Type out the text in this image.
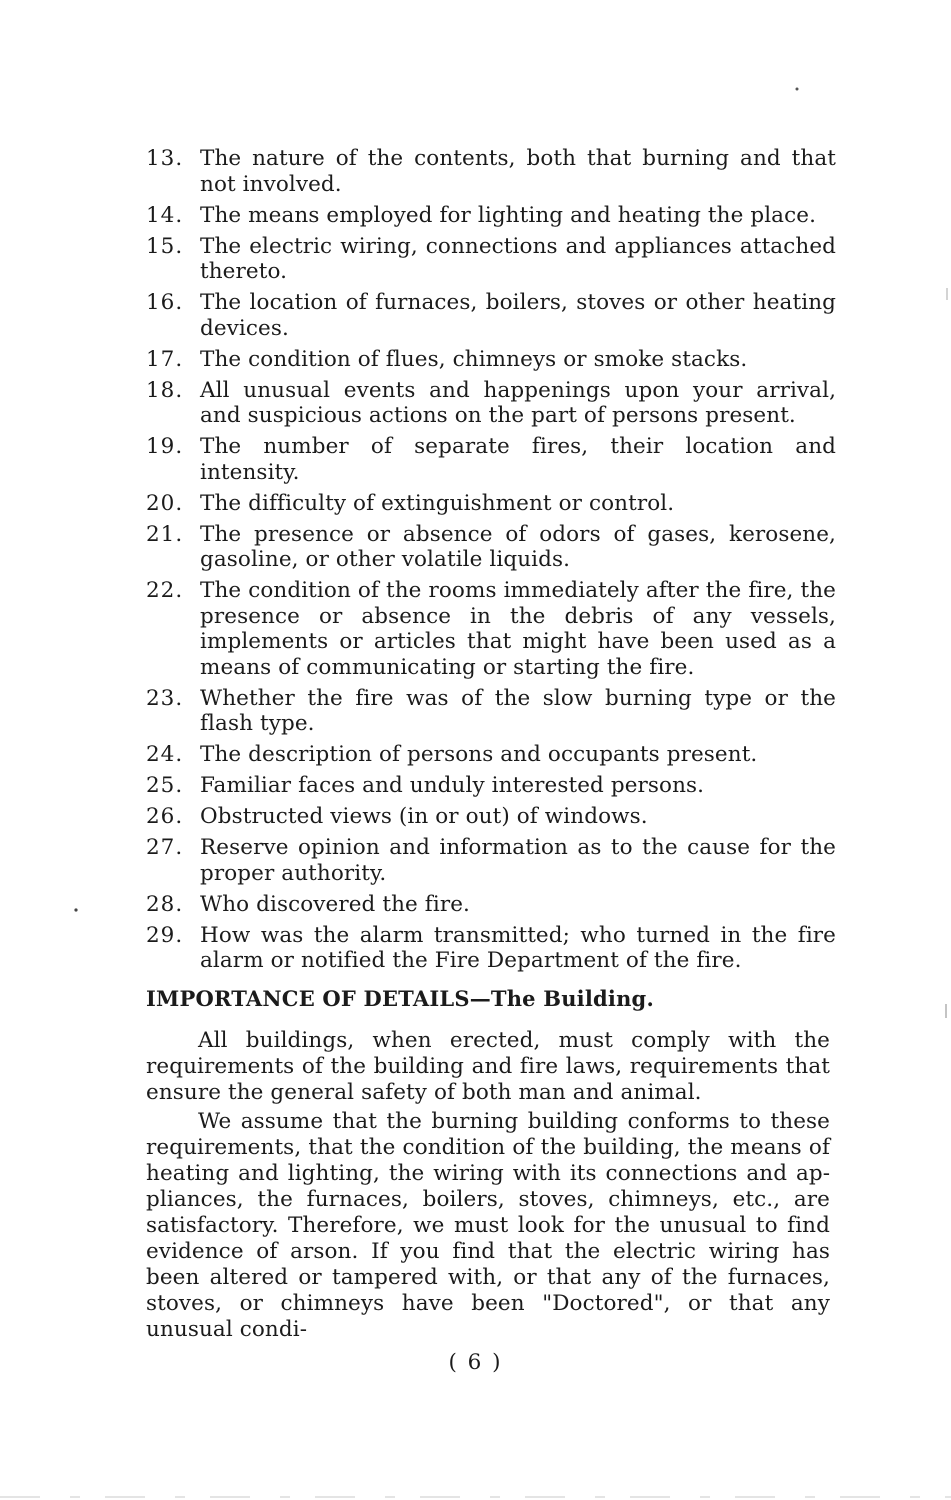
13. The nature of the contents, both that burning and that not involved.
14. The means employed for lighting and heating the place.
15. The electric wiring, connections and appliances attached thereto.
16. The location of furnaces, boilers, stoves or other heating devices.
17. The condition of flues, chimneys or smoke stacks.
18. All unusual events and happenings upon your arrival, and suspicious actions on the part of persons present.
19. The number of separate fires, their location and intensity.
20. The difficulty of extinguishment or control.
21. The presence or absence of odors of gases, kerosene, gasoline, or other volatile liquids.
22. The condition of the rooms immediately after the fire, the presence or absence in the debris of any vessels, implements or articles that might have been used as a means of communicating or starting the fire.
23. Whether the fire was of the slow burning type or the flash type.
24. The description of persons and occupants present.
25. Familiar faces and unduly interested persons.
26. Obstructed views (in or out) of windows.
27. Reserve opinion and information as to the cause for the proper authority.
28. Who discovered the fire.
29. How was the alarm transmitted; who turned in the fire alarm or notified the Fire Department of the fire.
IMPORTANCE OF DETAILS—The Building.

All buildings, when erected, must comply with the requirements of the building and fire laws, requirements that ensure the general safety of both man and animal.

We assume that the burning building conforms to these requirements, that the condition of the building, the means of heating and lighting, the wiring with its connections and appliances, the furnaces, boilers, stoves, chimneys, etc., are satisfactory. Therefore, we must look for the unusual to find evidence of arson. If you find that the electric wiring has been altered or tampered with, or that any of the furnaces, stoves, or chimneys have been "Doctored", or that any unusual condi-

( 6 )
